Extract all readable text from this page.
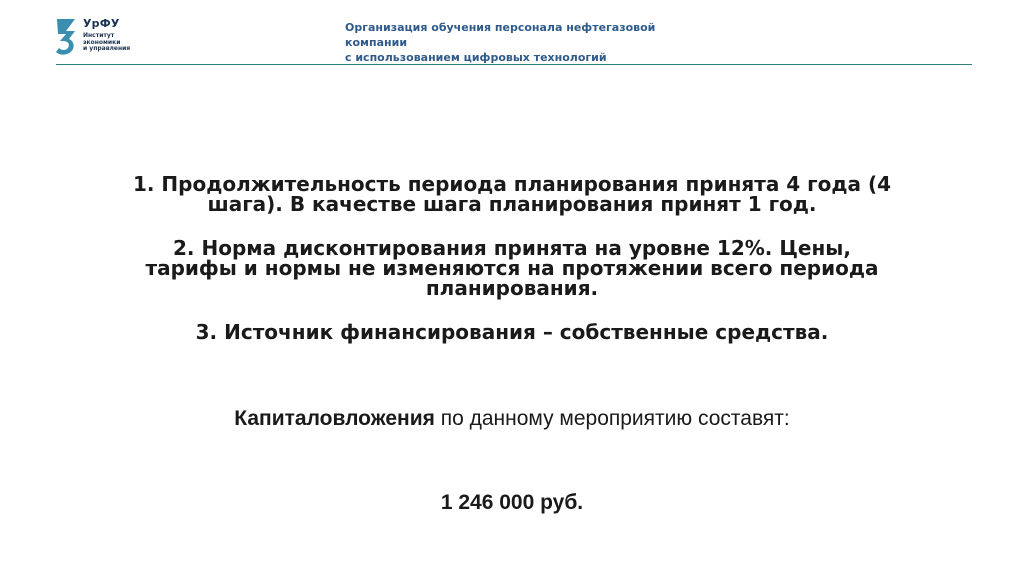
УрФУ
Институт
экономики
и управления
Организация обучения персонала нефтегазовой
компании
с использованием цифровых технологий
1. Продолжительность периода планирования принята 4 года (4 шага). В качестве шага планирования принят 1 год.
2. Норма дисконтирования принята на уровне 12%. Цены, тарифы и нормы не изменяются на протяжении всего периода планирования.
3. Источник финансирования – собственные средства.
Капиталовложения по данному мероприятию составят:
1 246 000 руб.
